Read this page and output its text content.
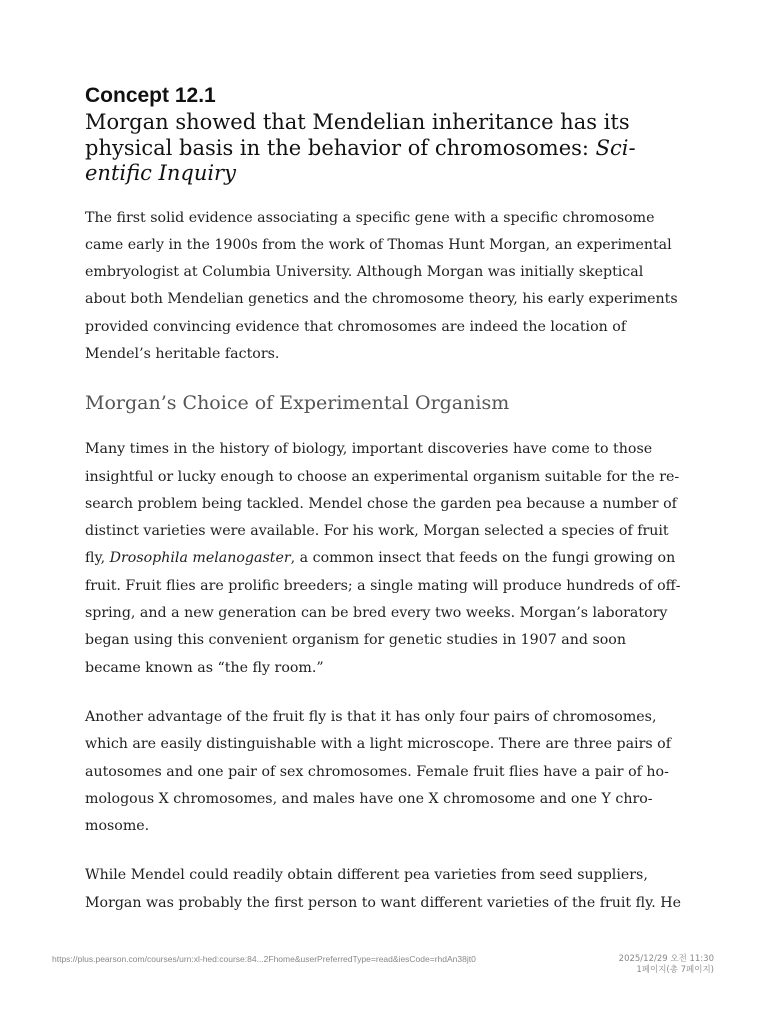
Concept 12.1
Morgan showed that Mendelian inheritance has its physical basis in the behavior of chromosomes: Scientific Inquiry

The first solid evidence associating a specific gene with a specific chromosome came early in the 1900s from the work of Thomas Hunt Morgan, an experimental embryologist at Columbia University. Although Morgan was initially skeptical about both Mendelian genetics and the chromosome theory, his early experiments provided convincing evidence that chromosomes are indeed the location of Mendel’s heritable factors.

Morgan’s Choice of Experimental Organism

Many times in the history of biology, important discoveries have come to those insightful or lucky enough to choose an experimental organism suitable for the research problem being tackled. Mendel chose the garden pea because a number of distinct varieties were available. For his work, Morgan selected a species of fruit fly, Drosophila melanogaster, a common insect that feeds on the fungi growing on fruit. Fruit flies are prolific breeders; a single mating will produce hundreds of offspring, and a new generation can be bred every two weeks. Morgan’s laboratory began using this convenient organism for genetic studies in 1907 and soon became known as “the fly room.”

Another advantage of the fruit fly is that it has only four pairs of chromosomes, which are easily distinguishable with a light microscope. There are three pairs of autosomes and one pair of sex chromosomes. Female fruit flies have a pair of homologous X chromosomes, and males have one X chromosome and one Y chromosome.

While Mendel could readily obtain different pea varieties from seed suppliers, Morgan was probably the first person to want different varieties of the fruit fly. He

https://plus.pearson.com/courses/urn:xl-hed:course:84...2Fhome&userPreferredType=read&iesCode=rhdAn38jt0	2025/12/29 오전 11:30
1페이지(총 7페이지)
